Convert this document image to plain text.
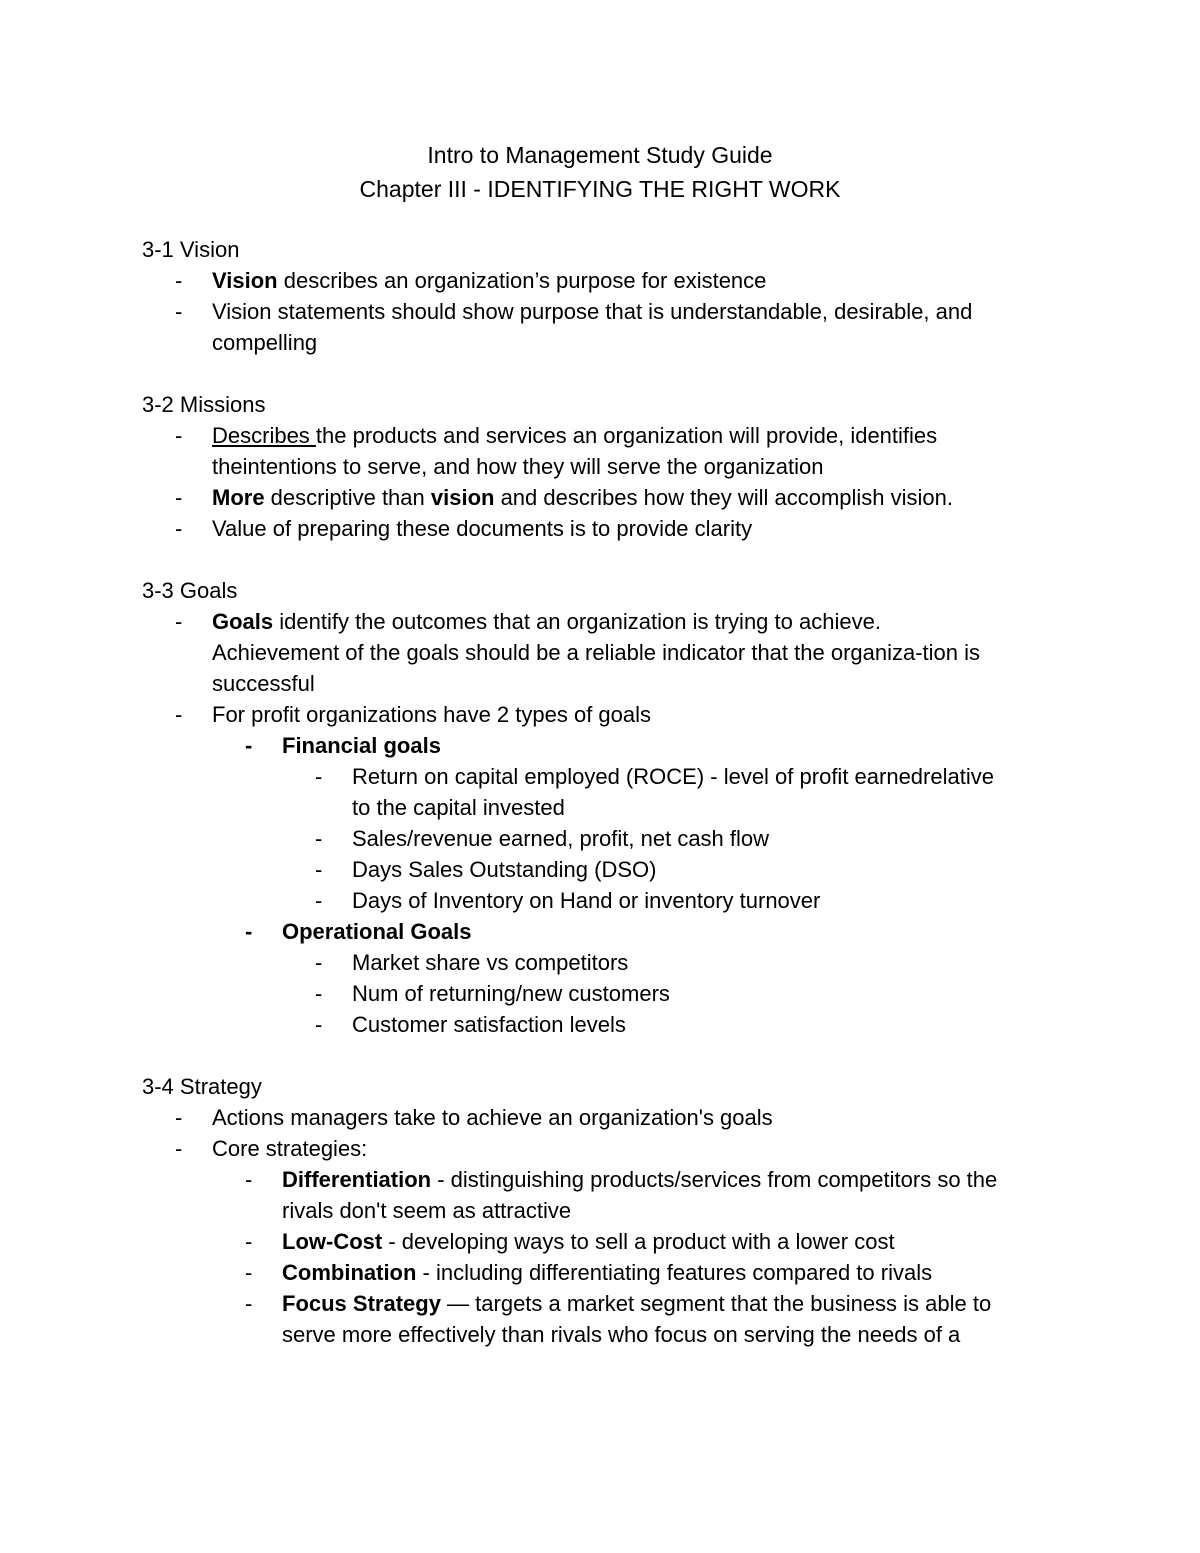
Intro to Management Study Guide
Chapter III - IDENTIFYING THE RIGHT WORK
3-1 Vision
- Vision describes an organization’s purpose for existence
- Vision statements should show purpose that is understandable, desirable, and
compelling
3-2 Missions
- Describes the products and services an organization will provide, identifies
theintentions to serve, and how they will serve the organization
- More descriptive than vision and describes how they will accomplish vision.
- Value of preparing these documents is to provide clarity
3-3 Goals
- Goals identify the outcomes that an organization is trying to achieve.
Achievement of the goals should be a reliable indicator that the organiza-tion is
successful
- For profit organizations have 2 types of goals
- Financial goals
- Return on capital employed (ROCE) - level of profit earnedrelative
to the capital invested
- Sales/revenue earned, profit, net cash flow
- Days Sales Outstanding (DSO)
- Days of Inventory on Hand or inventory turnover
- Operational Goals
- Market share vs competitors
- Num of returning/new customers
- Customer satisfaction levels
3-4 Strategy
- Actions managers take to achieve an organization's goals
- Core strategies:
- Differentiation - distinguishing products/services from competitors so the
rivals don't seem as attractive
- Low-Cost - developing ways to sell a product with a lower cost
- Combination - including differentiating features compared to rivals
- Focus Strategy — targets a market segment that the business is able to
serve more effectively than rivals who focus on serving the needs of a
